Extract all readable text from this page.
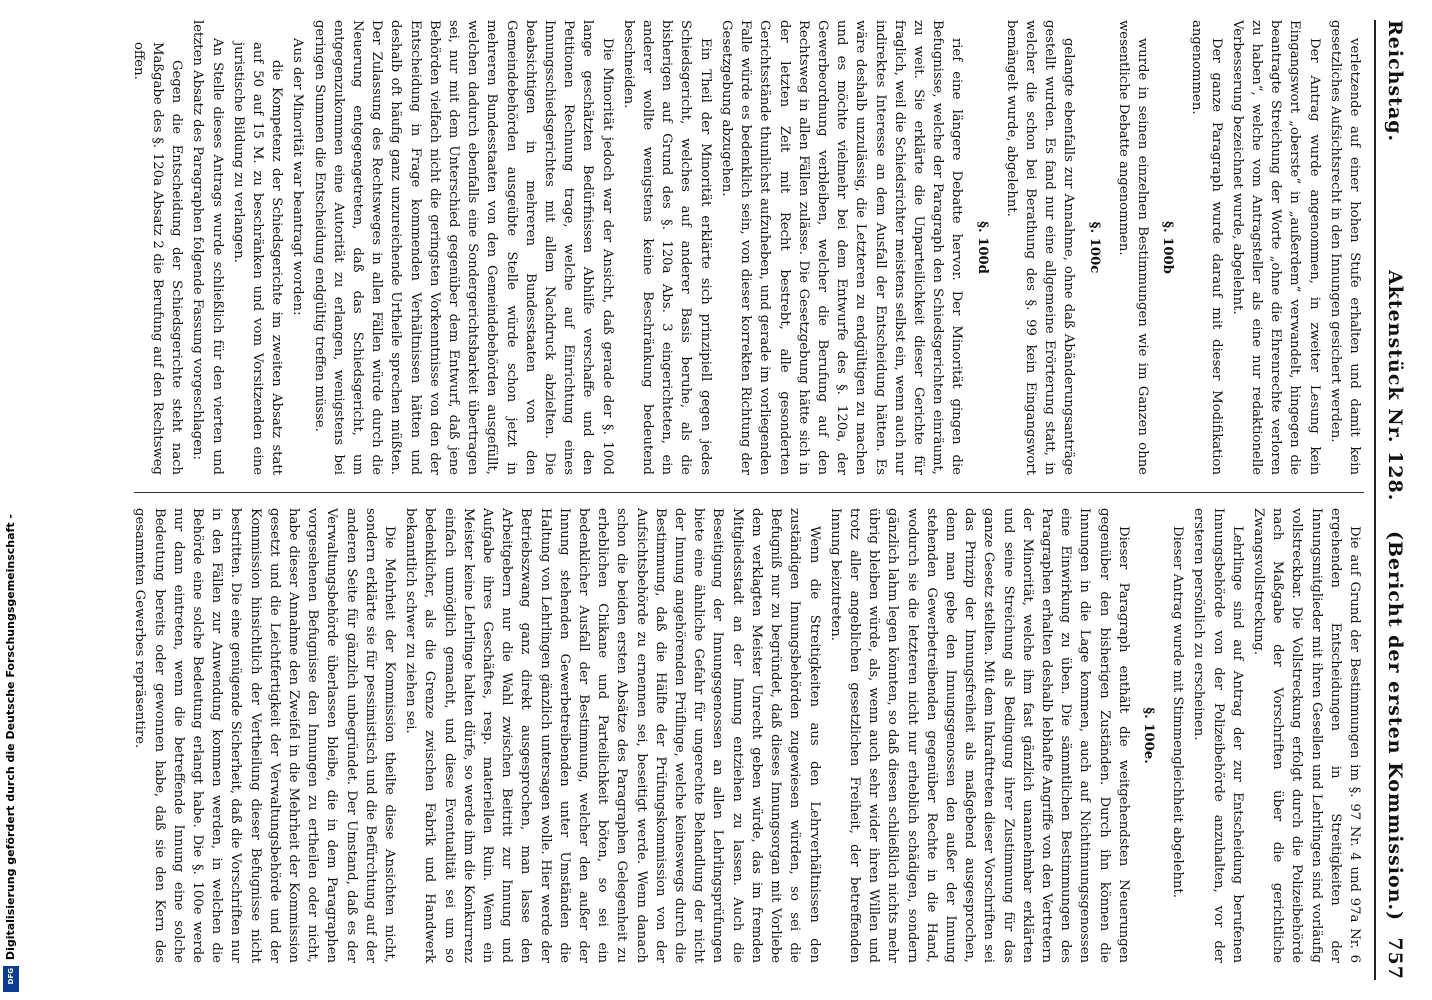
Digitalisierung gefördert durch die Deutsche Forschungsgemeinschaft -
DFG
Reichstag.
Aktenstück Nr. 128. (Bericht der ersten Kommission.)
757

verletzende auf einer hohen Stufe erhalten und damit kein gesetzliches Aufsichtsrecht in den Innungen gesichert werden.

Der Antrag wurde angenommen, in zweiter Lesung kein Eingangswort „oberste“ in „außerdem“ verwandelt, hingegen die beantragte Streichung der Worte „ohne die Ehrenrechte verloren zu haben“, welche vom Antragsteller als eine nur redaktionelle Verbesserung bezeichnet wurde, abgelehnt.

Der ganze Paragraph wurde darauf mit dieser Modifikation angenommen.

§. 100b

wurde in seinen einzelnen Bestimmungen wie im Ganzen ohne wesentliche Debatte angenommen.

§. 100c

gelangte ebenfalls zur Annahme, ohne daß Abänderungsanträge gestellt wurden. Es fand nur eine allgemeine Erörterung statt, in welcher die schon bei Berathung des §. 99 kein Eingangswort bemängelt wurde, abgelehnt.

§. 100d

rief eine längere Debatte hervor. Der Minorität gingen die Befugnisse, welche der Paragraph den Schiedsgerichten einräumt, zu weit. Sie erklärte die Unparteilichkeit dieser Gerichte für fraglich, weil die Schiedsrichter meistens selbst ein, wenn auch nur indirektes Interesse an dem Ausfall der Entscheidung hätten. Es wäre deshalb unzulässig, die Letzteren zu endgültigen zu machen und es möchte vielmehr bei dem Entwurfe des §. 120a, der Gewerbeordnung verbleiben, welcher die Berufung auf den Rechtsweg in allen Fällen zulässe. Die Gesetzgebung hätte sich in der letzten Zeit mit Recht bestrebt, alle gesonderten Gerichtsstände thunlichst aufzuheben, und gerade im vorliegenden Falle würde es bedenklich sein, von dieser korrekten Richtung der Gesetzgebung abzugehen.

Ein Theil der Minorität erklärte sich prinzipiell gegen jedes Schiedsgericht, welches auf anderer Basis beruhe, als die bisherigen auf Grund des §. 120a Abs. 3 eingerichteten, ein anderer wollte wenigstens keine Beschränkung bedeutend beschneiden.

Die Minorität jedoch war der Ansicht, daß gerade der §. 100d lange geschätzten Bedürfnissen Abhilfe verschaffe und den Petitionen Rechnung trage, welche auf Einrichtung eines Innungsschiedsgerichtes mit allem Nachdruck abzielten. Die beabsichtigen in mehreren Bundesstaaten von den Gemeindebehörden ausgeübte Stelle würde schon jetzt in mehreren Bundesstaaten von den Gemeindebehörden ausgefüllt, welchen dadurch ebenfalls eine Sondergerichtsbarkeit übertragen sei, nur mit dem Unterschied gegenüber dem Entwurf, daß jene Behörden vielfach nicht die geringsten Vorkenntnisse von den der Entscheidung in Frage kommenden Verhältnissen hätten und deshalb oft häufig ganz unzureichende Urtheile sprechen müßten. Der Zulassung des Rechtsweges in allen Fällen würde durch die Neuerung entgegengetreten, daß das Schiedsgericht, um entgegenzukommen eine Autorität zu erlangen, wenigstens bei geringen Summen die Entscheidung endgültig treffen müsse.

Aus der Minorität war beantragt worden:

die Kompetenz der Schiedsgerichte im zweiten Absatz statt auf 50 auf 15 M. zu beschränken und vom Vorsitzenden eine juristische Bildung zu verlangen.

An Stelle dieses Antrags wurde schließlich für den vierten und letzten Absatz des Paragraphen folgende Fassung vorgeschlagen:

Gegen die Entscheidung der Schiedsgerichte steht nach Maßgabe des §. 120a Absatz 2 die Berufung auf den Rechtsweg offen.

Die auf Grund der Bestimmungen im §. 97 Nr. 4 und 97a Nr. 6 ergehenden Entscheidungen in Streitigkeiten der Innungsmitglieder mit ihren Gesellen und Lehrlingen sind vorläufig vollstreckbar. Die Vollstreckung erfolgt durch die Polizeibehörde nach Maßgabe der Vorschriften über die gerichtliche Zwangsvollstreckung.

Lehrlinge sind auf Antrag der zur Entscheidung berufenen Innungsbehörde von der Polizeibehörde anzuhalten, vor der ersteren persönlich zu erscheinen.

Dieser Antrag wurde mit Stimmengleichheit abgelehnt.

§. 100e.

Dieser Paragraph enthält die weitgehendsten Neuerungen gegenüber den bisherigen Zuständen. Durch ihn können die Innungen in die Lage kommen, auch auf Nichtinnungsgenossen eine Einwirkung zu üben. Die sämmtlichen Bestimmungen des Paragraphen erhalten deshalb lebhafte Angriffe von den Vertretern der Minorität, welche ihm fast gänzlich unannehmbar erklärten und seine Streichung als Bedingung ihrer Zustimmung für das ganze Gesetz stellten. Mit dem Inkrafttreten dieser Vorschriften sei das Prinzip der Innungsfreiheit als maßgebend ausgesprochen, denn man gebe den Innungsgenossen den außer der Innung stehenden Gewerbetreibenden gegenüber Rechte in die Hand, wodurch sie die letzteren nicht nur erheblich schädigen, sondern gänzlich lahm legen könnten, so daß diesen schließlich nichts mehr übrig bleiben würde, als, wenn auch sehr wider ihren Willen und trotz aller angeblichen gesetzlichen Freiheit, der betreffenden Innung beizutreten.

Wenn die Streitigkeiten aus den Lehrverhältnissen den zuständigen Innungsbehörden zugewiesen würden, so sei die Befugniß nur zu begründet, daß dieses Innungsorgan mit Vorliebe dem verklagten Meister Unrecht geben würde, das im fremden Mitgliedsstadt an der Innung entziehen zu lassen. Auch die Beseitigung der Innungsgenossen an allen Lehrlingsprüfungen biete eine ähnliche Gefahr für ungerechte Behandlung der nicht der Innung angehörenden Prüflinge, welche keineswegs durch die Bestimmung, daß die Hälfte der Prüfungskommission von der Aufsichtsbehörde zu ernennen sei, beseitigt werde. Wenn danach schon die beiden ersten Absätze des Paragraphen Gelegenheit zu erheblichen Chikane und Parteilichkeit böten, so sei ein bedenklicher Ausfall der Bestimmung, welcher den außer der Innung stehenden Gewerbetreibenden unter Umständen die Haltung von Lehrlingen gänzlich untersagen wolle. Hier werde der Betriebszwang ganz direkt ausgesprochen, man lasse den Arbeitgebern nur die Wahl zwischen Beitritt zur Innung und Aufgabe ihres Geschäftes, resp. materiellen Ruin. Wenn ein Meister keine Lehrlinge halten dürfe, so werde ihm die Konkurrenz einfach unmöglich gemacht, und diese Eventualität sei um so bedenklicher, als die Grenze zwischen Fabrik und Handwerk bekanntlich schwer zu ziehen sei.

Die Mehrheit der Kommission theilte diese Ansichten nicht, sondern erklärte sie für pessimistisch und die Befürchtung auf der anderen Seite für gänzlich unbegründet. Der Umstand, daß es der Verwaltungsbehörde überlassen bleibe, die in dem Paragraphen vorgesehenen Befugnisse den Innungen zu ertheilen oder nicht, habe dieser Annahme den Zweifel in die Mehrheit der Kommission gesetzt und die Leichtfertigkeit der Verwaltungsbehörde und der Kommission hinsichtlich der Vertheilung dieser Befugnisse nicht bestritten. Die eine genügende Sicherheit, daß die Vorschriften nur in den Fällen zur Anwendung kommen werden, in welchen die Behörde eine solche Bedeutung erlangt habe. Die §. 100e werde nur dann eintreten, wenn die betreffende Innung eine solche Bedeutung bereits oder gewonnen habe, daß sie den Kern des gesammten Gewerbes repräsentire.
